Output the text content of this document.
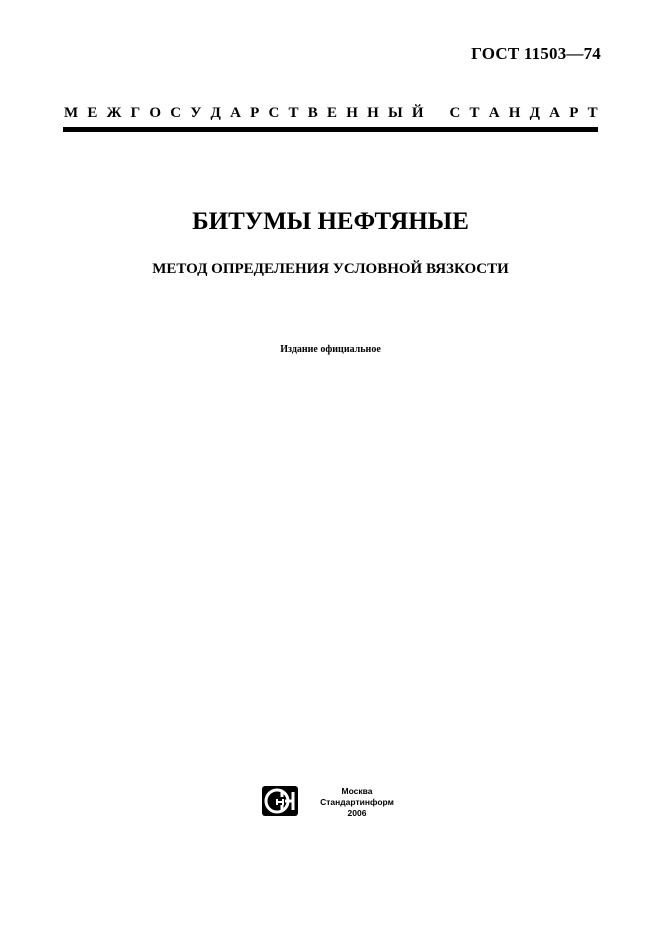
ГОСТ 11503—74
М Е Ж Г О С У Д А Р С Т В Е Н Н Ы Й
С Т А Н Д А Р Т
БИТУМЫ НЕФТЯНЫЕ
МЕТОД ОПРЕДЕЛЕНИЯ УСЛОВНОЙ ВЯЗКОСТИ
Издание официальное
Москва
Стандартинформ
2006
